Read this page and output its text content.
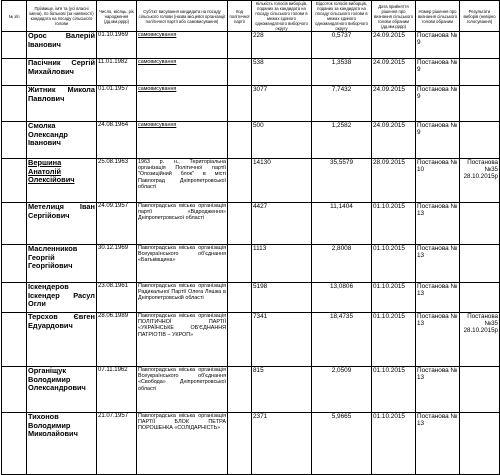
№ з/п	Прізвище, ім'я та (усі власні імена), по батькові (за наявності) кандидата на посаду сільського голови	Число, місяць, рік народження (дд.мм.рррр)	Суб'єкт висування кандидата на посаду сільського голови (назва місцевої організації політичної партії або самовисування)	Код політичної партії	Кількість голосів виборців, поданих за кандидата на посаду сільського голови в межах єдиного одномандатного виборчого округу	Відсоток голосів виборців, поданих за кандидата на посаду сільського голови в межах єдиного одномандатного виборчого округу	Дата прийняття рішення про визнання сільського голови обраним (дд.мм.рррр)	Номер рішення про визнання сільського голови обраним	Результати виборів (невірно голосування)
	Орос Валерій Іванович	01.10.1969	самовисування		228	0,5737	24.09.2015	Постанова № 9	
	Пасічник Сергій Михайлович	11.01.1982	самовисування		538	1,3538	24.09.2015	Постанова № 9	
	Житник Микола Павлович	01.01.1957	самовисування		3077	7,7432	24.09.2015	Постанова № 9	
	Смолка Олександр Іванович	24.08.1964	самовисування		500	1,2582	24.09.2015	Постанова № 9	
	Вершина Анатолій Олексійович	25.08.1963	1963 р. н., Територіальна організація Політичної партії "Опозиційний блок" в місті Павлоград Дніпропетровської області		14130	35,5579	28.09.2015	Постанова № 10	Постанова №35 28.10.2015р
	Метелиця Іван Сергійович	24.09.1957	Павлоградська міська організація партії «Відродження» Дніпропетровської області		4427	11,1404	01.10.2015	Постанова № 13	
	Масленников Георгій Георгійович	30.12.1969	Павлоградська міська організація Всеукраїнського об'єднання «Батьківщина»		1113	2,8008	01.10.2015	Постанова № 13	
	Іскендеров Іскендер Расул Огли	23.08.1961	Павлоградська міська організація Радикальної Партії Олега Ляшка в Дніпропетровській області		5198	13,0806	01.10.2015	Постанова № 13	
	Терсхов Євген Едуардович	28.06.1989	Павлоградська міська організація ПОЛІТИЧНОЇ ПАРТІЇ «УКРАЇНСЬКЕ ОБ'ЄДНАННЯ ПАТРІОТІВ – УКРОП»		7341	18,4735	01.10.2015	Постанова № 13	Постанова №35 28.10.2015р
	Органіщук Володимир Олександрович	07.11.1962	Павлоградська міська організація Всеукраїнського об'єднання «Свобода» Дніпропетровської області		815	2,0509	01.10.2015	Постанова № 13	
	Тихонов Володимир Миколайович	21.07.1957	Павлоградська міська організація ПАРТІЇ БЛОК ПЕТРА ПОРОШЕНКА «СОЛІДАРНІСТЬ»		2371	5,9665	01.10.2015	Постанова № 13	
